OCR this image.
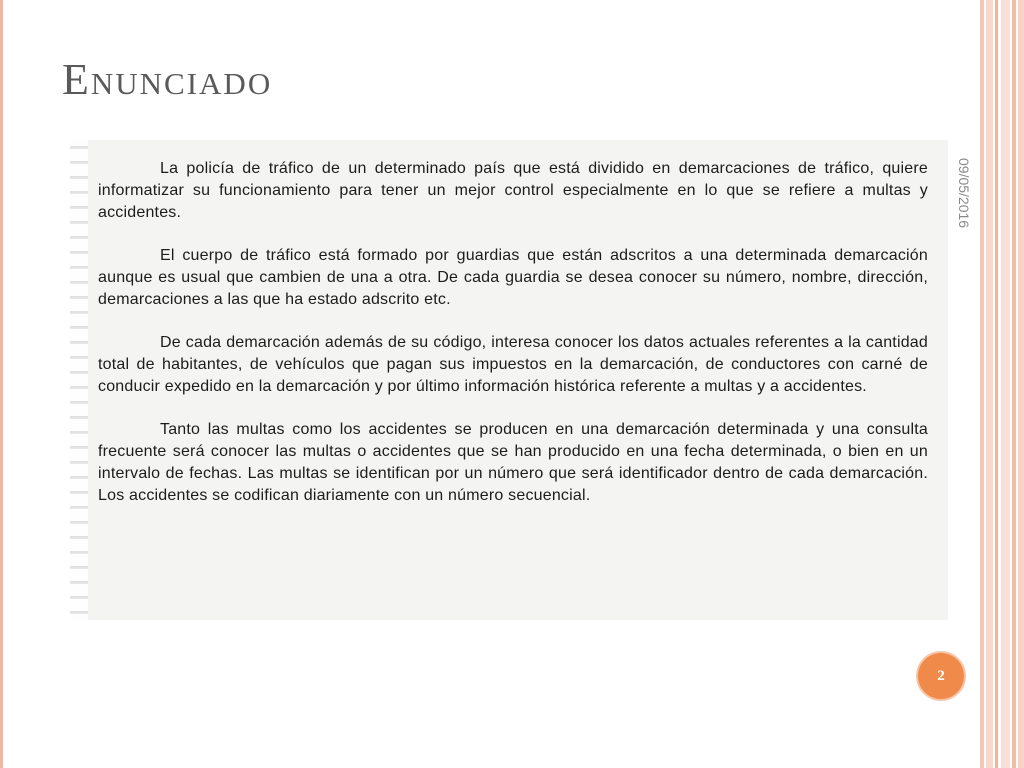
Enunciado
09/05/2016

La policía de tráfico de un determinado país que está dividido en demarcaciones de tráfico, quiere informatizar su funcionamiento para tener un mejor control especialmente en lo que se refiere a multas y accidentes.

El cuerpo de tráfico está formado por guardias que están adscritos a una determinada demarcación aunque es usual que cambien de una a otra. De cada guardia se desea conocer su número, nombre, dirección, demarcaciones a las que ha estado adscrito etc.

De cada demarcación además de su código, interesa conocer los datos actuales referentes a la cantidad total de habitantes, de vehículos que pagan sus impuestos en la demarcación, de conductores con carné de conducir expedido en la demarcación y por último información histórica referente a multas y a accidentes.

Tanto las multas como los accidentes se producen en una demarcación determinada y una consulta frecuente será conocer las multas o accidentes que se han producido en una fecha determinada, o bien en un intervalo de fechas. Las multas se identifican por un número que será identificador dentro de cada demarcación. Los accidentes se codifican diariamente con un número secuencial.

2
